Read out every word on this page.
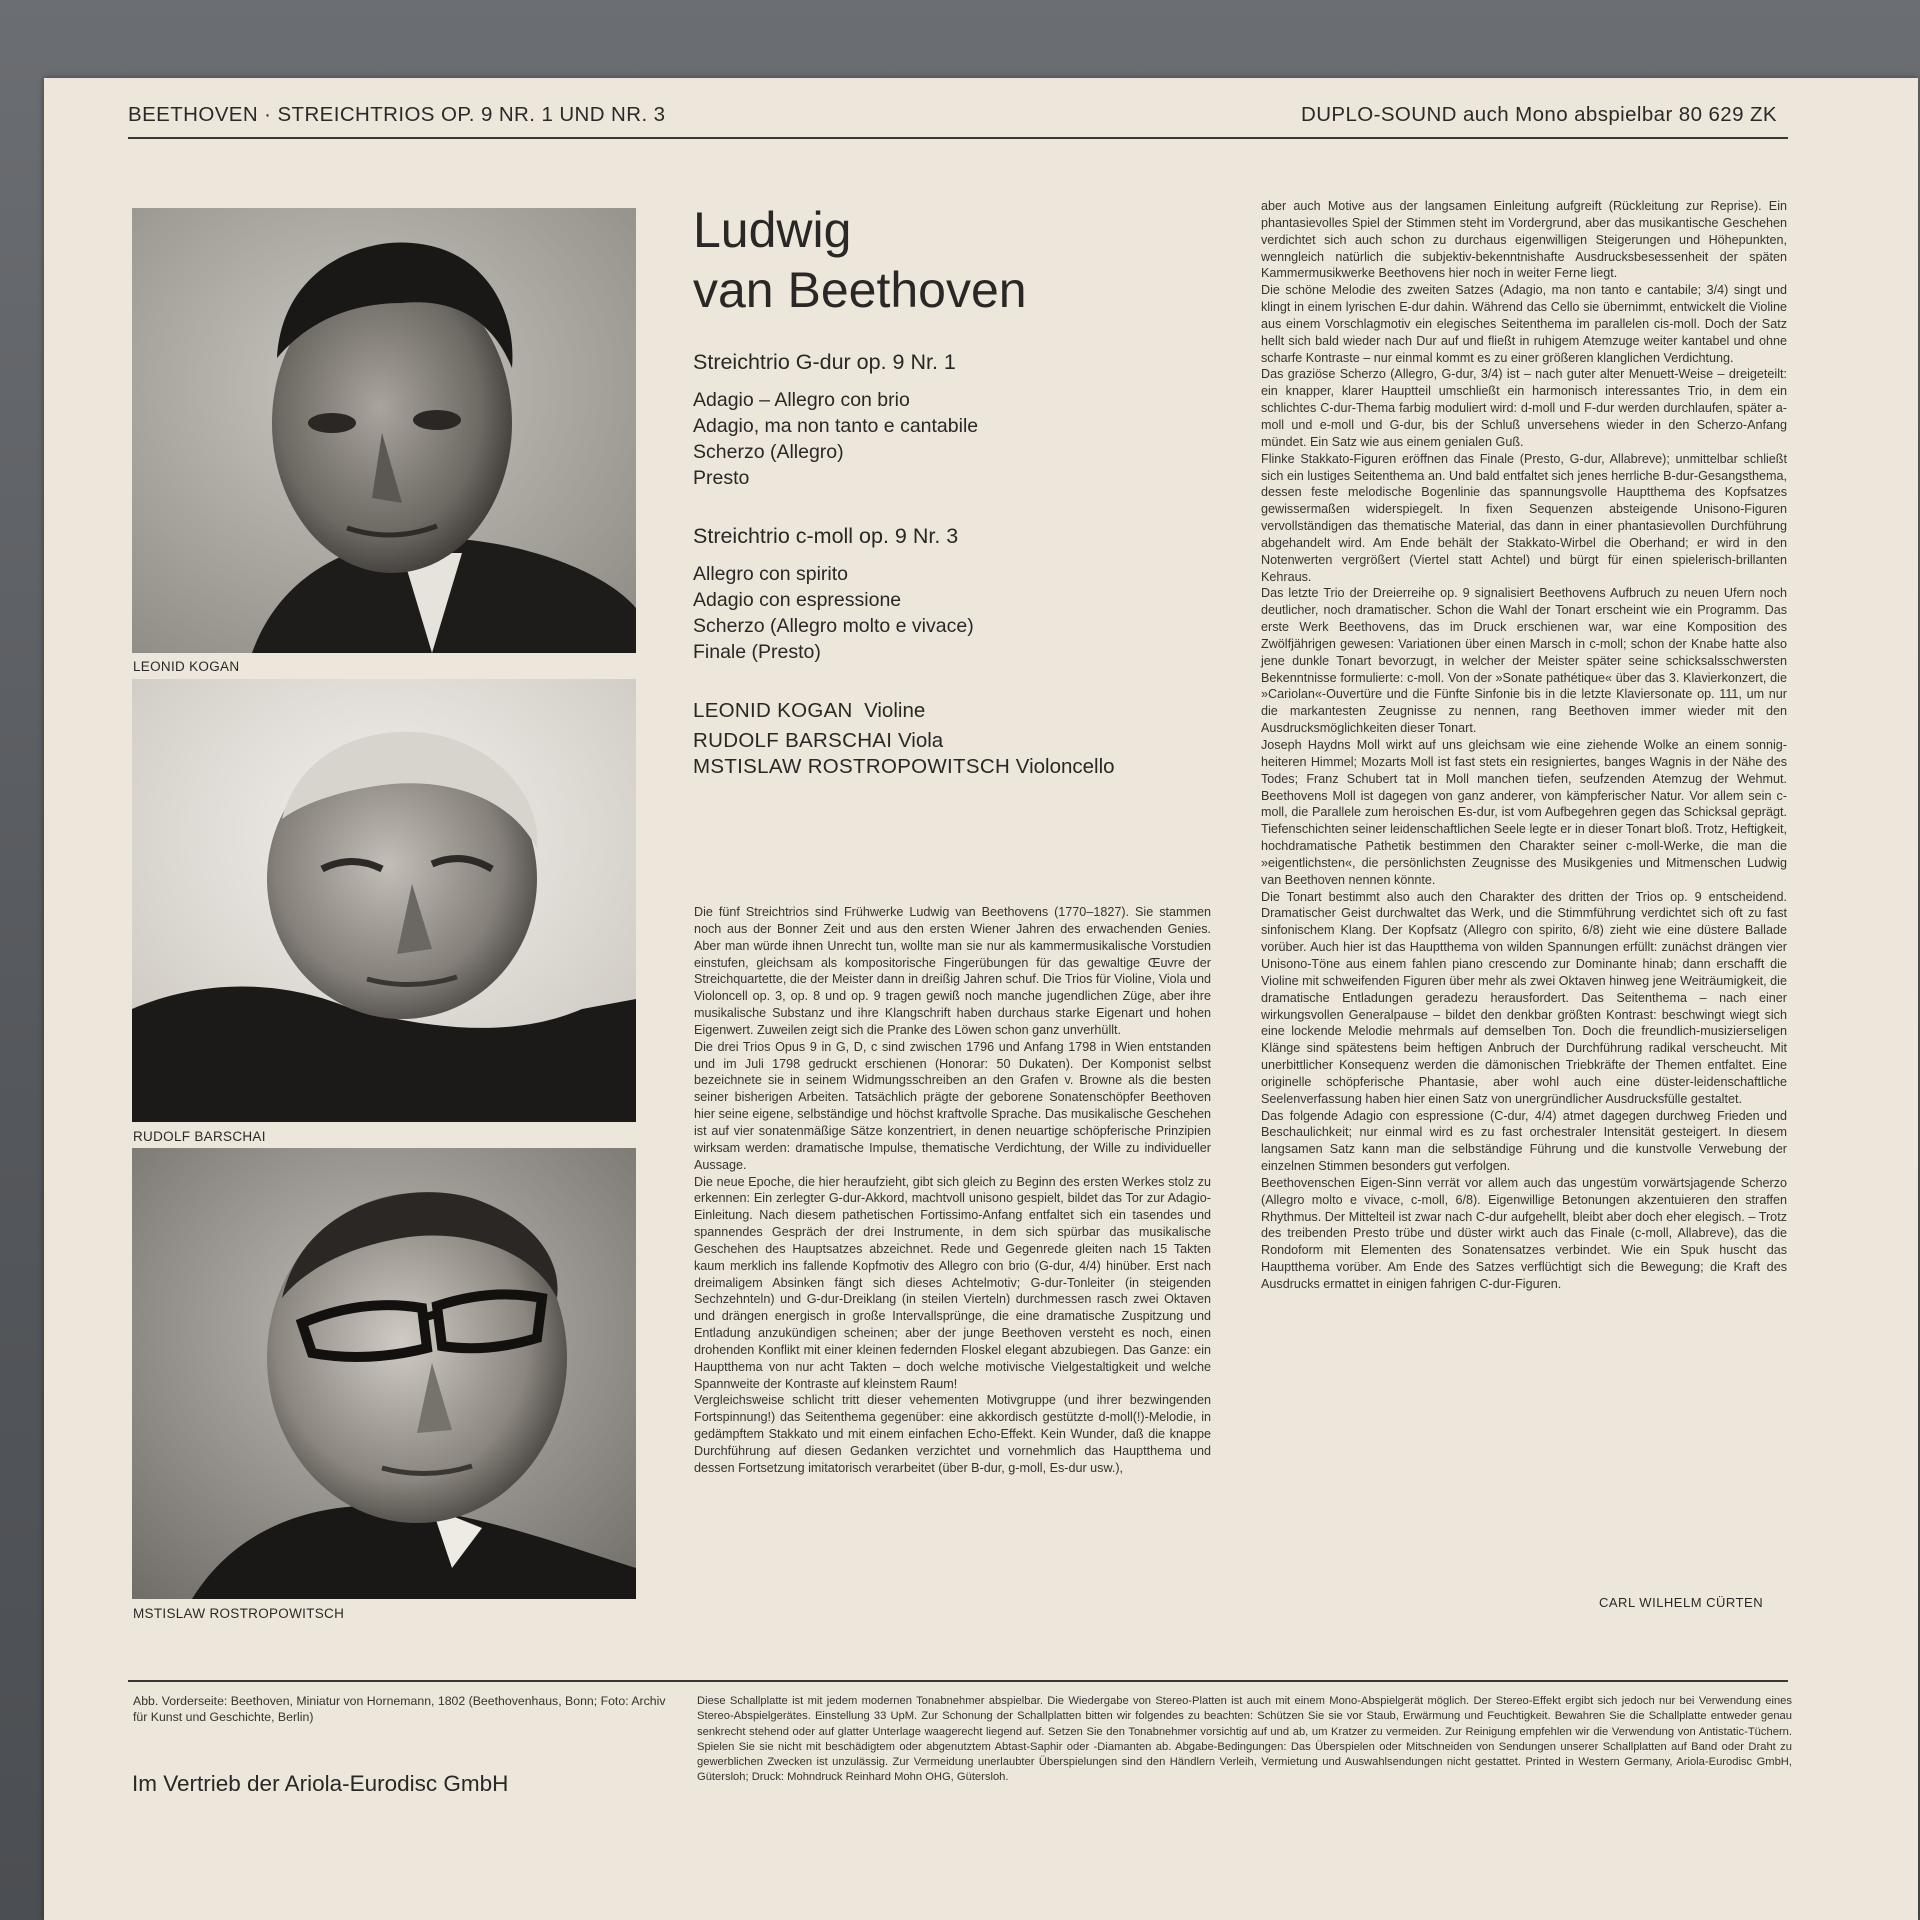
BEETHOVEN · STREICHTRIOS OP. 9 NR. 1 UND NR. 3	DUPLO-SOUND auch Mono abspielbar 80 629 ZK
LEONID KOGAN
RUDOLF BARSCHAI
MSTISLAW ROSTROPOWITSCH
Ludwig
van Beethoven
Streichtrio G-dur op. 9 Nr. 1
Adagio – Allegro con brio
Adagio, ma non tanto e cantabile
Scherzo (Allegro)
Presto
Streichtrio c-moll op. 9 Nr. 3
Allegro con spirito
Adagio con espressione
Scherzo (Allegro molto e vivace)
Finale (Presto)
LEONID KOGAN Violine
RUDOLF BARSCHAI Viola
MSTISLAW ROSTROPOWITSCH Violoncello

Die fünf Streichtrios sind Frühwerke Ludwig van Beethovens (1770–1827). Sie stammen noch aus der Bonner Zeit und aus den ersten Wiener Jahren des erwachenden Genies. Aber man würde ihnen Unrecht tun, wollte man sie nur als kammermusikalische Vorstudien einstufen, gleichsam als kompositorische Fingerübungen für das gewaltige Œuvre der Streichquartette, die der Meister dann in dreißig Jahren schuf. Die Trios für Violine, Viola und Violoncell op. 3, op. 8 und op. 9 tragen gewiß noch manche jugendlichen Züge, aber ihre musikalische Substanz und ihre Klangschrift haben durchaus starke Eigenart und hohen Eigenwert. Zuweilen zeigt sich die Pranke des Löwen schon ganz unverhüllt.

Die drei Trios Opus 9 in G, D, c sind zwischen 1796 und Anfang 1798 in Wien entstanden und im Juli 1798 gedruckt erschienen (Honorar: 50 Dukaten). Der Komponist selbst bezeichnete sie in seinem Widmungsschreiben an den Grafen v. Browne als die besten seiner bisherigen Arbeiten. Tatsächlich prägte der geborene Sonatenschöpfer Beethoven hier seine eigene, selbständige und höchst kraftvolle Sprache. Das musikalische Geschehen ist auf vier sonatenmäßige Sätze konzentriert, in denen neuartige schöpferische Prinzipien wirksam werden: dramatische Impulse, thematische Verdichtung, der Wille zu individueller Aussage.

Die neue Epoche, die hier heraufzieht, gibt sich gleich zu Beginn des ersten Werkes stolz zu erkennen: Ein zerlegter G-dur-Akkord, machtvoll unisono gespielt, bildet das Tor zur Adagio-Einleitung. Nach diesem pathetischen Fortissimo-Anfang entfaltet sich ein tasendes und spannendes Gespräch der drei Instrumente, in dem sich spürbar das musikalische Geschehen des Hauptsatzes abzeichnet. Rede und Gegenrede gleiten nach 15 Takten kaum merklich ins fallende Kopfmotiv des Allegro con brio (G-dur, 4/4) hinüber. Erst nach dreimaligem Absinken fängt sich dieses Achtelmotiv; G-dur-Tonleiter (in steigenden Sechzehnteln) und G-dur-Dreiklang (in steilen Vierteln) durchmessen rasch zwei Oktaven und drängen energisch in große Intervallsprünge, die eine dramatische Zuspitzung und Entladung anzukündigen scheinen; aber der junge Beethoven versteht es noch, einen drohenden Konflikt mit einer kleinen federnden Floskel elegant abzubiegen. Das Ganze: ein Hauptthema von nur acht Takten – doch welche motivische Vielgestaltigkeit und welche Spannweite der Kontraste auf kleinstem Raum!

Vergleichsweise schlicht tritt dieser vehementen Motivgruppe (und ihrer bezwingenden Fortspinnung!) das Seitenthema gegenüber: eine akkordisch gestützte d-moll(!)-Melodie, in gedämpftem Stakkato und mit einem einfachen Echo-Effekt. Kein Wunder, daß die knappe Durchführung auf diesen Gedanken verzichtet und vornehmlich das Hauptthema und dessen Fortsetzung imitatorisch verarbeitet (über B-dur, g-moll, Es-dur usw.),

aber auch Motive aus der langsamen Einleitung aufgreift (Rückleitung zur Reprise). Ein phantasievolles Spiel der Stimmen steht im Vordergrund, aber das musikantische Geschehen verdichtet sich auch schon zu durchaus eigenwilligen Steigerungen und Höhepunkten, wenngleich natürlich die subjektiv-bekenntnishafte Ausdrucksbesessenheit der späten Kammermusikwerke Beethovens hier noch in weiter Ferne liegt.

Die schöne Melodie des zweiten Satzes (Adagio, ma non tanto e cantabile; 3/4) singt und klingt in einem lyrischen E-dur dahin. Während das Cello sie übernimmt, entwickelt die Violine aus einem Vorschlagmotiv ein elegisches Seitenthema im parallelen cis-moll. Doch der Satz hellt sich bald wieder nach Dur auf und fließt in ruhigem Atemzuge weiter kantabel und ohne scharfe Kontraste – nur einmal kommt es zu einer größeren klanglichen Verdichtung.

Das graziöse Scherzo (Allegro, G-dur, 3/4) ist – nach guter alter Menuett-Weise – dreigeteilt: ein knapper, klarer Hauptteil umschließt ein harmonisch interessantes Trio, in dem ein schlichtes C-dur-Thema farbig moduliert wird: d-moll und F-dur werden durchlaufen, später a-moll und e-moll und G-dur, bis der Schluß unversehens wieder in den Scherzo-Anfang mündet. Ein Satz wie aus einem genialen Guß.

Flinke Stakkato-Figuren eröffnen das Finale (Presto, G-dur, Allabreve); unmittelbar schließt sich ein lustiges Seitenthema an. Und bald entfaltet sich jenes herrliche B-dur-Gesangsthema, dessen feste melodische Bogenlinie das spannungsvolle Hauptthema des Kopfsatzes gewissermaßen widerspiegelt. In fixen Sequenzen absteigende Unisono-Figuren vervollständigen das thematische Material, das dann in einer phantasievollen Durchführung abgehandelt wird. Am Ende behält der Stakkato-Wirbel die Oberhand; er wird in den Notenwerten vergrößert (Viertel statt Achtel) und bürgt für einen spielerisch-brillanten Kehraus.

Das letzte Trio der Dreierreihe op. 9 signalisiert Beethovens Aufbruch zu neuen Ufern noch deutlicher, noch dramatischer. Schon die Wahl der Tonart erscheint wie ein Programm. Das erste Werk Beethovens, das im Druck erschienen war, war eine Komposition des Zwölfjährigen gewesen: Variationen über einen Marsch in c-moll; schon der Knabe hatte also jene dunkle Tonart bevorzugt, in welcher der Meister später seine schicksalsschwersten Bekenntnisse formulierte: c-moll. Von der »Sonate pathétique« über das 3. Klavierkonzert, die »Cariolan«-Ouvertüre und die Fünfte Sinfonie bis in die letzte Klaviersonate op. 111, um nur die markantesten Zeugnisse zu nennen, rang Beethoven immer wieder mit den Ausdrucksmöglichkeiten dieser Tonart.

Joseph Haydns Moll wirkt auf uns gleichsam wie eine ziehende Wolke an einem sonnig-heiteren Himmel; Mozarts Moll ist fast stets ein resigniertes, banges Wagnis in der Nähe des Todes; Franz Schubert tat in Moll manchen tiefen, seufzenden Atemzug der Wehmut. Beethovens Moll ist dagegen von ganz anderer, von kämpferischer Natur. Vor allem sein c-moll, die Parallele zum heroischen Es-dur, ist vom Aufbegehren gegen das Schicksal geprägt. Tiefenschichten seiner leidenschaftlichen Seele legte er in dieser Tonart bloß. Trotz, Heftigkeit, hochdramatische Pathetik bestimmen den Charakter seiner c-moll-Werke, die man die »eigentlichsten«, die persönlichsten Zeugnisse des Musikgenies und Mitmenschen Ludwig van Beethoven nennen könnte.

Die Tonart bestimmt also auch den Charakter des dritten der Trios op. 9 entscheidend. Dramatischer Geist durchwaltet das Werk, und die Stimmführung verdichtet sich oft zu fast sinfonischem Klang. Der Kopfsatz (Allegro con spirito, 6/8) zieht wie eine düstere Ballade vorüber. Auch hier ist das Hauptthema von wilden Spannungen erfüllt: zunächst drängen vier Unisono-Töne aus einem fahlen piano crescendo zur Dominante hinab; dann erschafft die Violine mit schweifenden Figuren über mehr als zwei Oktaven hinweg jene Weiträumigkeit, die dramatische Entladungen geradezu herausfordert. Das Seitenthema – nach einer wirkungsvollen Generalpause – bildet den denkbar größten Kontrast: beschwingt wiegt sich eine lockende Melodie mehrmals auf demselben Ton. Doch die freundlich-musizierseligen Klänge sind spätestens beim heftigen Anbruch der Durchführung radikal verscheucht. Mit unerbittlicher Konsequenz werden die dämonischen Triebkräfte der Themen entfaltet. Eine originelle schöpferische Phantasie, aber wohl auch eine düster-leidenschaftliche Seelenverfassung haben hier einen Satz von unergründlicher Ausdrucksfülle gestaltet.

Das folgende Adagio con espressione (C-dur, 4/4) atmet dagegen durchweg Frieden und Beschaulichkeit; nur einmal wird es zu fast orchestraler Intensität gesteigert. In diesem langsamen Satz kann man die selbständige Führung und die kunstvolle Verwebung der einzelnen Stimmen besonders gut verfolgen.

Beethovenschen Eigen-Sinn verrät vor allem auch das ungestüm vorwärtsjagende Scherzo (Allegro molto e vivace, c-moll, 6/8). Eigenwillige Betonungen akzentuieren den straffen Rhythmus. Der Mittelteil ist zwar nach C-dur aufgehellt, bleibt aber doch eher elegisch. – Trotz des treibenden Presto trübe und düster wirkt auch das Finale (c-moll, Allabreve), das die Rondoform mit Elementen des Sonatensatzes verbindet. Wie ein Spuk huscht das Hauptthema vorüber. Am Ende des Satzes verflüchtigt sich die Bewegung; die Kraft des Ausdrucks ermattet in einigen fahrigen C-dur-Figuren.

CARL WILHELM CÜRTEN
Abb. Vorderseite: Beethoven, Miniatur von Hornemann, 1802 (Beethovenhaus, Bonn; Foto: Archiv für Kunst und Geschichte, Berlin)
Diese Schallplatte ist mit jedem modernen Tonabnehmer abspielbar. Die Wiedergabe von Stereo-Platten ist auch mit einem Mono-Abspielgerät möglich. Der Stereo-Effekt ergibt sich jedoch nur bei Verwendung eines Stereo-Abspielgerätes. Einstellung 33 UpM. Zur Schonung der Schallplatten bitten wir folgendes zu beachten: Schützen Sie sie vor Staub, Erwärmung und Feuchtigkeit. Bewahren Sie die Schallplatte entweder genau senkrecht stehend oder auf glatter Unterlage waagerecht liegend auf. Setzen Sie den Tonabnehmer vorsichtig auf und ab, um Kratzer zu vermeiden. Zur Reinigung empfehlen wir die Verwendung von Antistatic-Tüchern. Spielen Sie sie nicht mit beschädigtem oder abgenutztem Abtast-Saphir oder -Diamanten ab. Abgabe-Bedingungen: Das Überspielen oder Mitschneiden von Sendungen unserer Schallplatten auf Band oder Draht zu gewerblichen Zwecken ist unzulässig. Zur Vermeidung unerlaubter Überspielungen sind den Händlern Verleih, Vermietung und Auswahlsendungen nicht gestattet. Printed in Western Germany, Ariola-Eurodisc GmbH, Gütersloh; Druck: Mohndruck Reinhard Mohn OHG, Gütersloh.
Im Vertrieb der Ariola-Eurodisc GmbH
